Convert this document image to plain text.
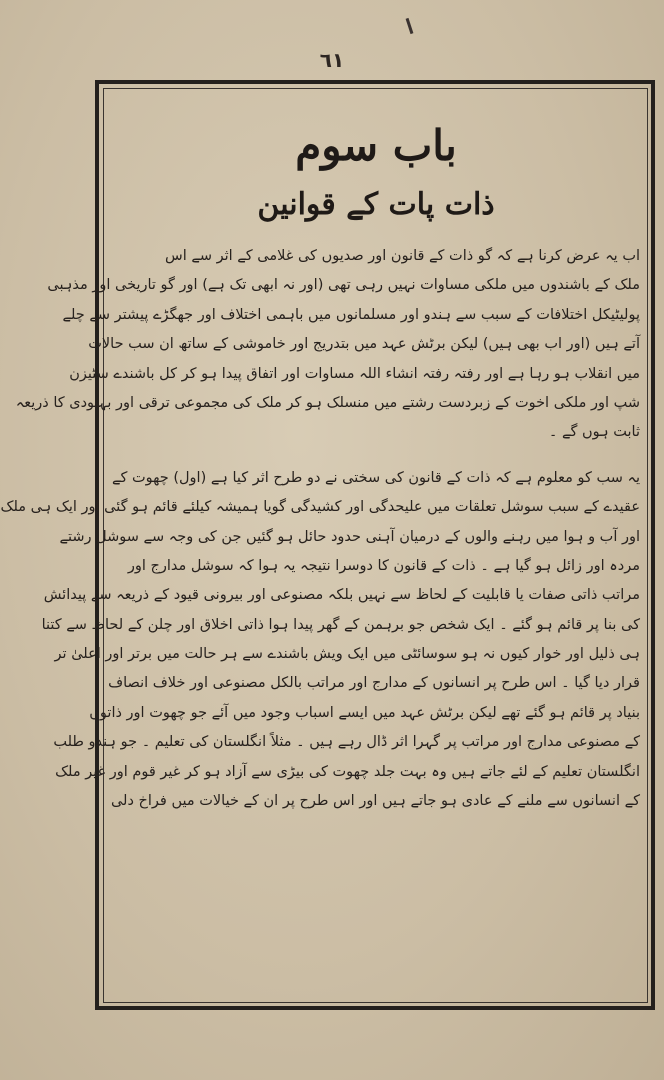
٦١
باب سوم
ذات پات کے قوانین
اب یہ عرض کرنا ہے کہ گو ذات کے قانون اور صدیوں کی غلامی کے اثر سے اس
ملک کے باشندوں میں ملکی مساوات نہیں رہی تھی (اور نہ ابھی تک ہے) اور گو تاریخی اور مذہبی
پولیٹیکل اختلافات کے سبب سے ہندو اور مسلمانوں میں باہمی اختلاف اور جھگڑے پیشتر سے چلے
آتے ہیں (اور اب بھی ہیں) لیکن برٹش عہد میں بتدریج اور خاموشی کے ساتھ ان سب حالات
میں انقلاب ہو رہا ہے اور رفتہ رفتہ انشاء اللہ مساوات اور اتفاق پیدا ہو کر کل باشندے سٹیزن
شپ اور ملکی اخوت کے زبردست رشتے میں منسلک ہو کر ملک کی مجموعی ترقی اور بہبودی کا ذریعہ
ثابت ہوں گے ۔
یہ سب کو معلوم ہے کہ ذات کے قانون کی سختی نے دو طرح اثر کیا ہے (اول) چھوت کے
عقیدے کے سبب سوشل تعلقات میں علیحدگی اور کشیدگی گویا ہمیشہ کیلئے قائم ہو گئی اور ایک ہی ملک
اور آب و ہوا میں رہنے والوں کے درمیان آہنی حدود حائل ہو گئیں جن کی وجہ سے سوشل رشتے
مردہ اور زائل ہو گیا ہے ۔ ذات کے قانون کا دوسرا نتیجہ یہ ہوا کہ سوشل مدارج اور
مراتب ذاتی صفات یا قابلیت کے لحاظ سے نہیں بلکہ مصنوعی اور بیرونی قیود کے ذریعہ سے پیدائش
کی بنا پر قائم ہو گئے ۔ ایک شخص جو برہمن کے گھر پیدا ہوا ذاتی اخلاق اور چلن کے لحاظ سے کتنا
ہی ذلیل اور خوار کیوں نہ ہو سوسائٹی میں ایک ویش باشندے سے ہر حالت میں برتر اور اعلیٰ تر
قرار دیا گیا ۔ اس طرح پر انسانوں کے مدارج اور مراتب بالکل مصنوعی اور خلاف انصاف
بنیاد پر قائم ہو گئے تھے لیکن برٹش عہد میں ایسے اسباب وجود میں آئے جو چھوت اور ذاتوں
کے مصنوعی مدارج اور مراتب پر گہرا اثر ڈال رہے ہیں ۔ مثلاً انگلستان کی تعلیم ۔ جو ہندو طلب
انگلستان تعلیم کے لئے جاتے ہیں وہ بہت جلد چھوت کی بیڑی سے آزاد ہو کر غیر قوم اور غیر ملک
کے انسانوں سے ملنے کے عادی ہو جاتے ہیں اور اس طرح پر ان کے خیالات میں فراخ دلی
